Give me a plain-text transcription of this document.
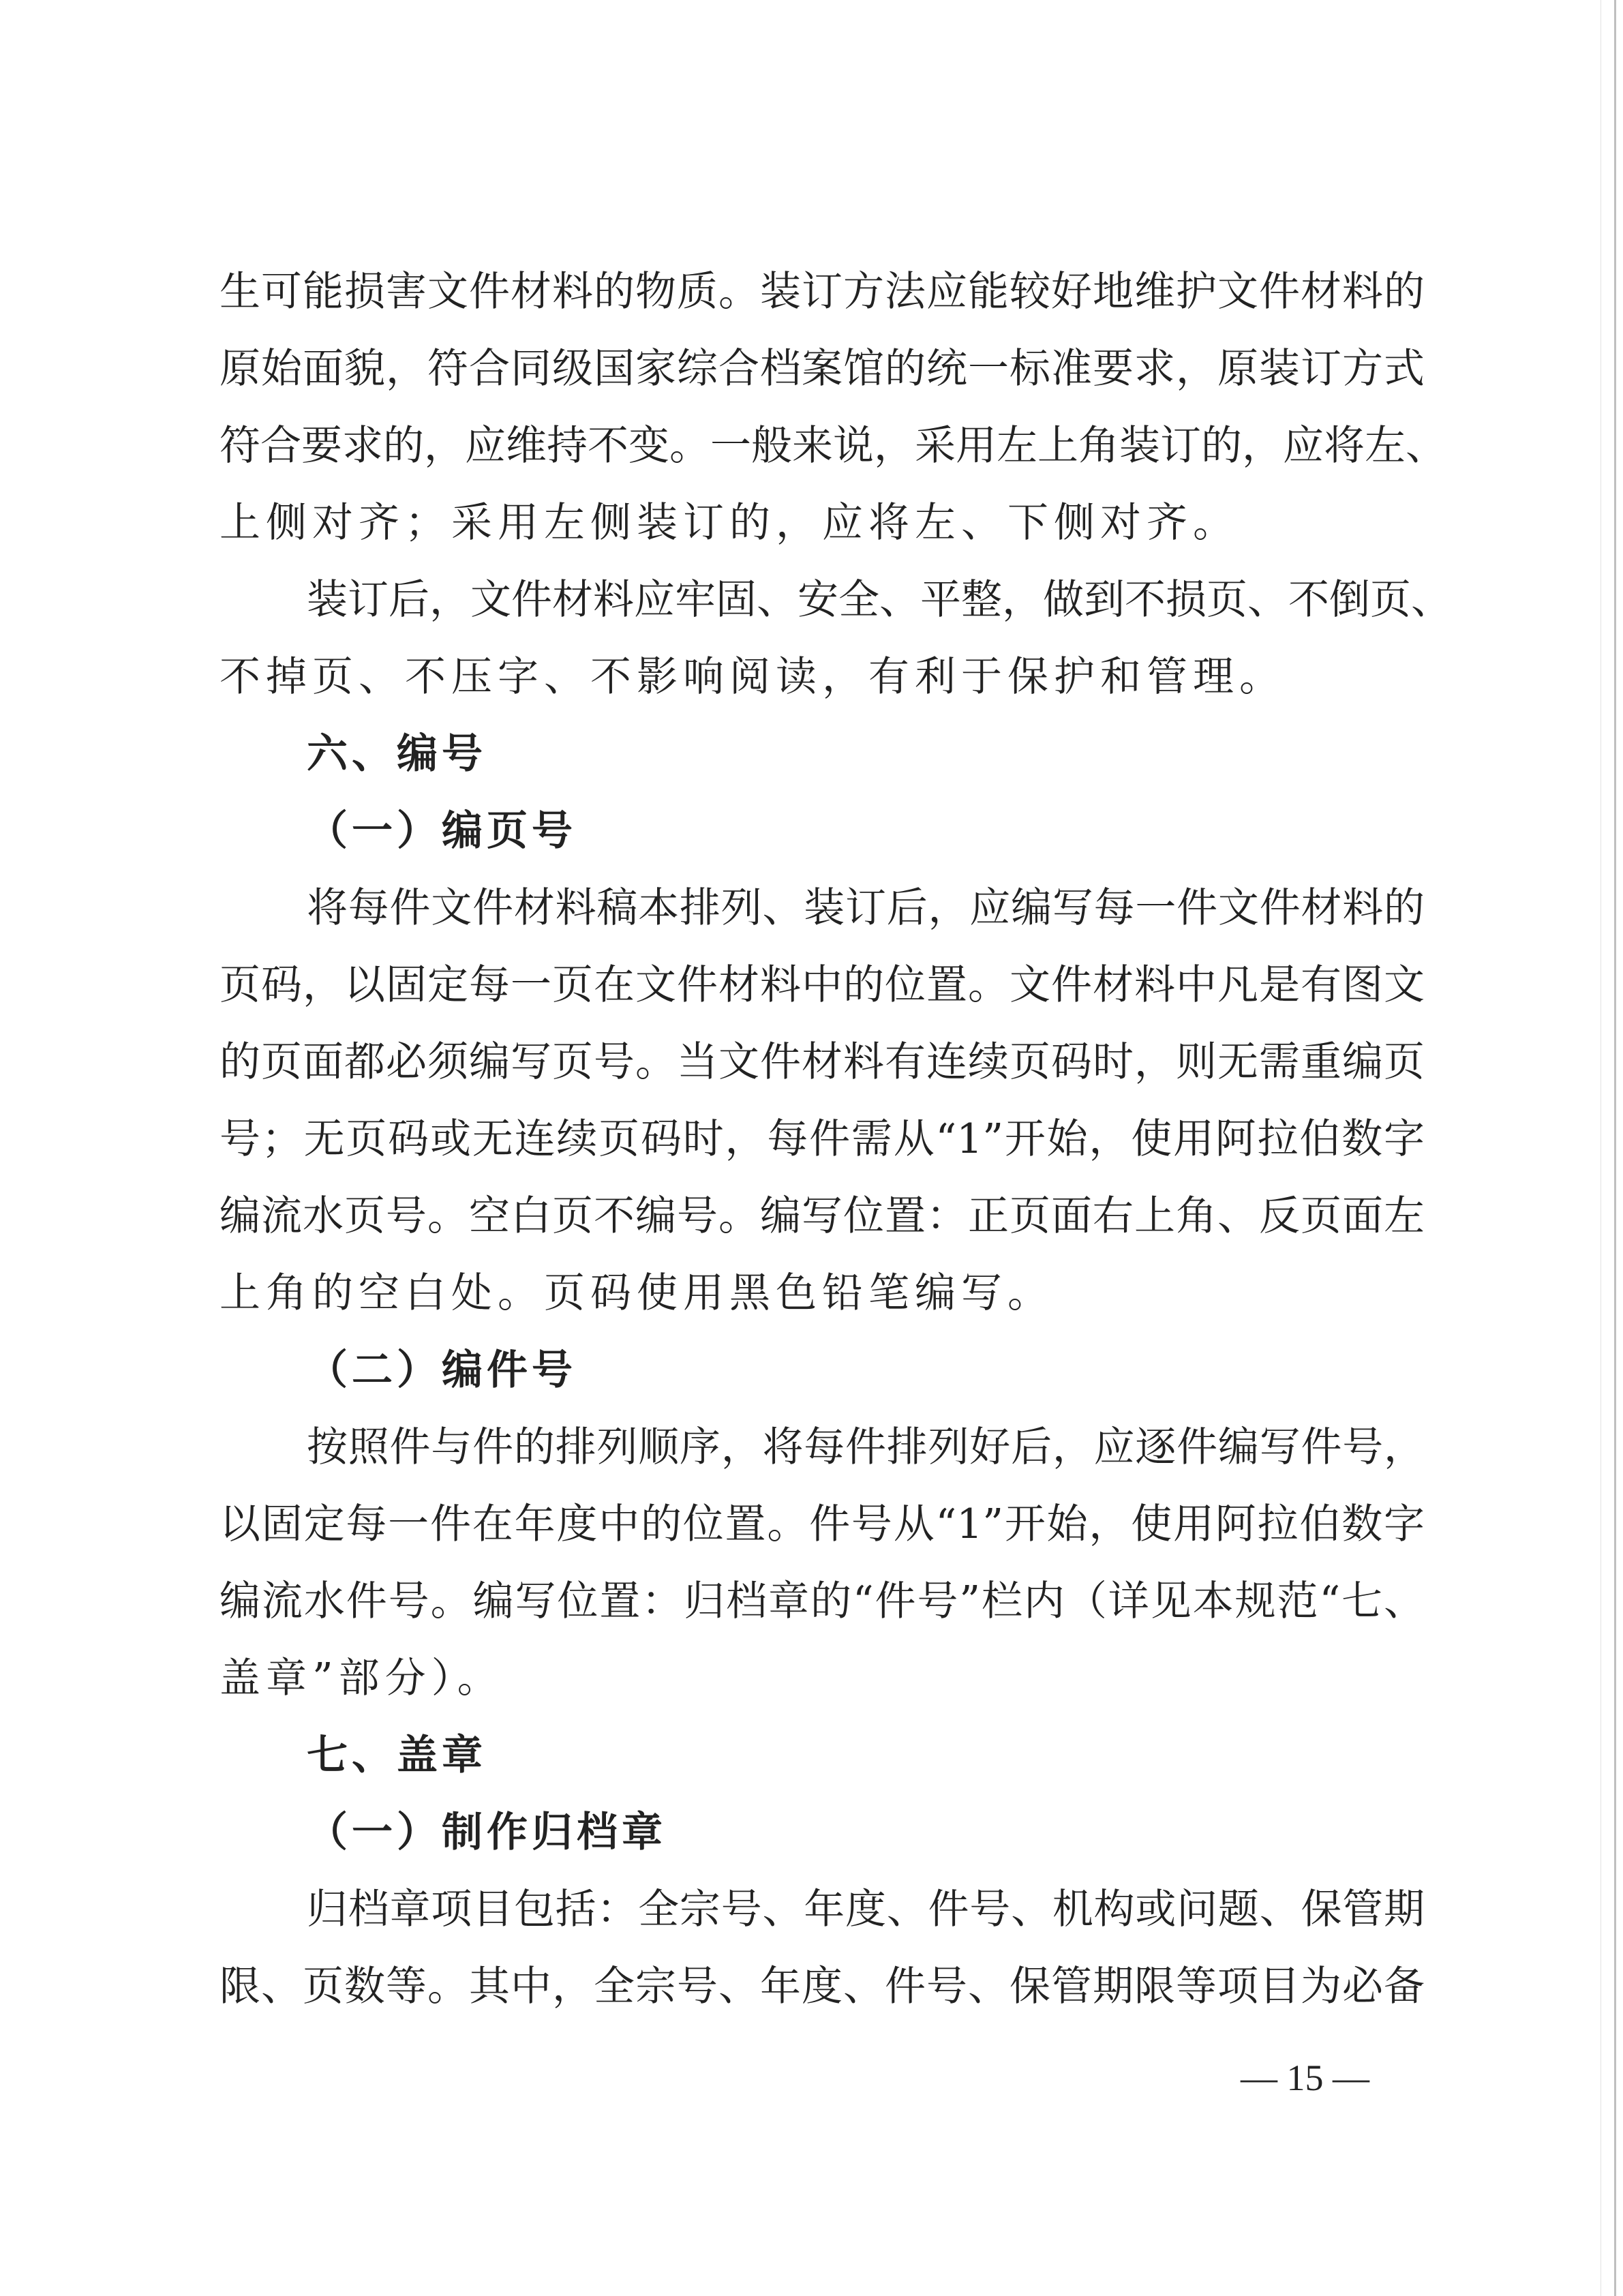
生可能损害文件材料的物质。装订方法应能较好地维护文件材料的
原始面貌，符合同级国家综合档案馆的统一标准要求，原装订方式
符合要求的，应维持不变。一般来说，采用左上角装订的，应将左、
上侧对齐；采用左侧装订的，应将左、下侧对齐。
装订后，文件材料应牢固、安全、平整，做到不损页、不倒页、
不掉页、不压字、不影响阅读，有利于保护和管理。
六、编号
（一）编页号
将每件文件材料稿本排列、装订后，应编写每一件文件材料的
页码，以固定每一页在文件材料中的位置。文件材料中凡是有图文
的页面都必须编写页号。当文件材料有连续页码时，则无需重编页
号；无页码或无连续页码时，每件需从“1”开始，使用阿拉伯数字
编流水页号。空白页不编号。编写位置：正页面右上角、反页面左
上角的空白处。页码使用黑色铅笔编写。
（二）编件号
按照件与件的排列顺序，将每件排列好后，应逐件编写件号，
以固定每一件在年度中的位置。件号从“1”开始，使用阿拉伯数字
编流水件号。编写位置：归档章的“件号”栏内（详见本规范“七、
盖章”部分）。
七、盖章
（一）制作归档章
归档章项目包括：全宗号、年度、件号、机构或问题、保管期
限、页数等。其中，全宗号、年度、件号、保管期限等项目为必备
— 15 —
